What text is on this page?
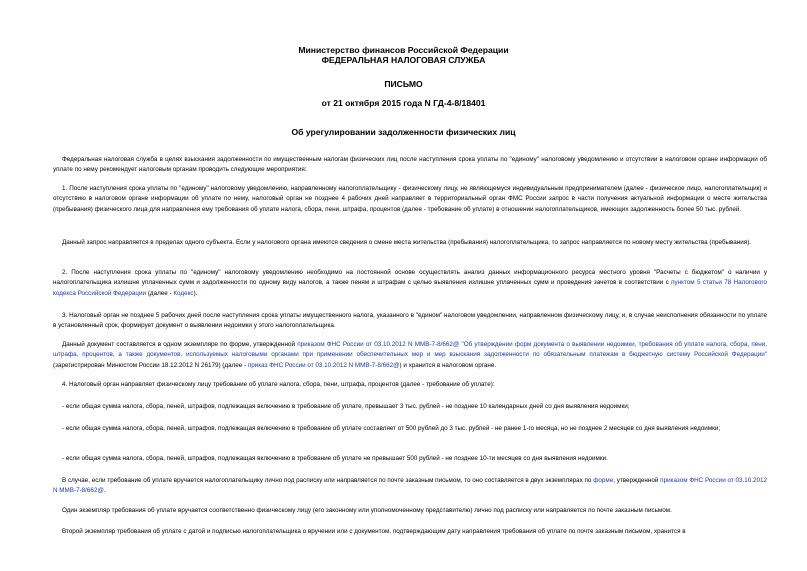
Министерство финансов Российской Федерации
ФЕДЕРАЛЬНАЯ НАЛОГОВАЯ СЛУЖБА
ПИСЬМО
от 21 октября 2015 года N ГД-4-8/18401
Об урегулировании задолженности физических лиц

Федеральная налоговая служба в целях взыскания задолженности по имущественным налогам физических лиц после наступления срока уплаты по "единому" налоговому уведомлению и отсутствии в налоговом органе информации об уплате по нему рекомендует налоговым органам проводить следующие мероприятия:

1. После наступления срока уплаты по "единому" налоговому уведомлению, направленному налогоплательщику - физическому лицу, не являющемуся индивидуальным предпринимателем (далее - физическое лицо, налогоплательщик) и отсутствию в налоговом органе информации об уплате по нему, налоговый орган не позднее 4 рабочих дней направляет в территориальный орган ФМС России запрос в части получения актуальной информации о месте жительства (пребывания) физического лица для направления ему требования об уплате налога, сбора, пени, штрафа, процентов (далее - требование об уплате) в отношении налогоплательщиков, имеющих задолженность более 50 тыс. рублей.

Данный запрос направляется в пределах одного субъекта. Если у налогового органа имеются сведения о смене места жительства (пребывания) налогоплательщика, то запрос направляется по новому месту жительства (пребывания).

2. После наступления срока уплаты по "единому" налоговому уведомлению необходимо на постоянной основе осуществлять анализ данных информационного ресурса местного уровня "Расчеты с бюджетом" о наличии у налогоплательщика излишне уплаченных сумм и задолженности по одному виду налогов, а также пеням и штрафам с целью выявления излишне уплаченных сумм и проведения зачетов в соответствии с пунктом 5 статьи 78 Налогового кодекса Российской Федерации (далее - Кодекс).

3. Налоговый орган не позднее 5 рабочих дней после наступления срока уплаты имущественного налога, указанного в "едином" налоговом уведомлении, направленном физическому лицу, и, в случае неисполнения обязанности по уплате в установленный срок, формирует документ о выявлении недоимки у этого налогоплательщика.

Данный документ составляется в одном экземпляре по форме, утвержденной приказом ФНС России от 03.10.2012 N ММВ-7-8/662@ "Об утверждении форм документа о выявлении недоимки, требования об уплате налога, сбора, пени, штрафа, процентов, а также документов, используемых налоговыми органами при применении обеспечительных мер и мер взыскания задолженности по обязательным платежам в бюджетную систему Российской Федерации" (зарегистрирован Минюстом России 18.12.2012 N 26179) (далее - приказ ФНС России от 03.10.2012 N ММВ-7-8/662@) и хранится в налоговом органе.

4. Налоговый орган направляет физическому лицу требование об уплате налога, сбора, пени, штрафа, процентов (далее - требование об уплате):

- если общая сумма налога, сбора, пеней, штрафов, подлежащая включению в требование об уплате, превышает 3 тыс. рублей - не позднее 10 календарных дней со дня выявления недоимки;

- если общая сумма налога, сбора, пеней, штрафов, подлежащая включению в требование об уплате составляет от 500 рублей до 3 тыс. рублей - не ранее 1-го месяца, но не позднее 2 месяцев со дня выявления недоимки;

- если общая сумма налога, сбора, пеней, штрафов, подлежащая включению в требование об уплате не превышает 500 рублей - не позднее 10-ти месяцев со дня выявления недоимки.

В случае, если требование об уплате вручается налогоплательщику лично под расписку или направляется по почте заказным письмом, то оно составляется в двух экземплярах по форме, утвержденной приказом ФНС России от 03.10.2012 N ММВ-7-8/662@.

Один экземпляр требования об уплате вручается соответственно физическому лицу (его законному или уполномоченному представителю) лично под расписку или направляется по почте заказным письмом.

Второй экземпляр требования об уплате с датой и подписью налогоплательщика о вручении или с документом, подтверждающим дату направления требования об уплате по почте заказным письмом, хранится в
